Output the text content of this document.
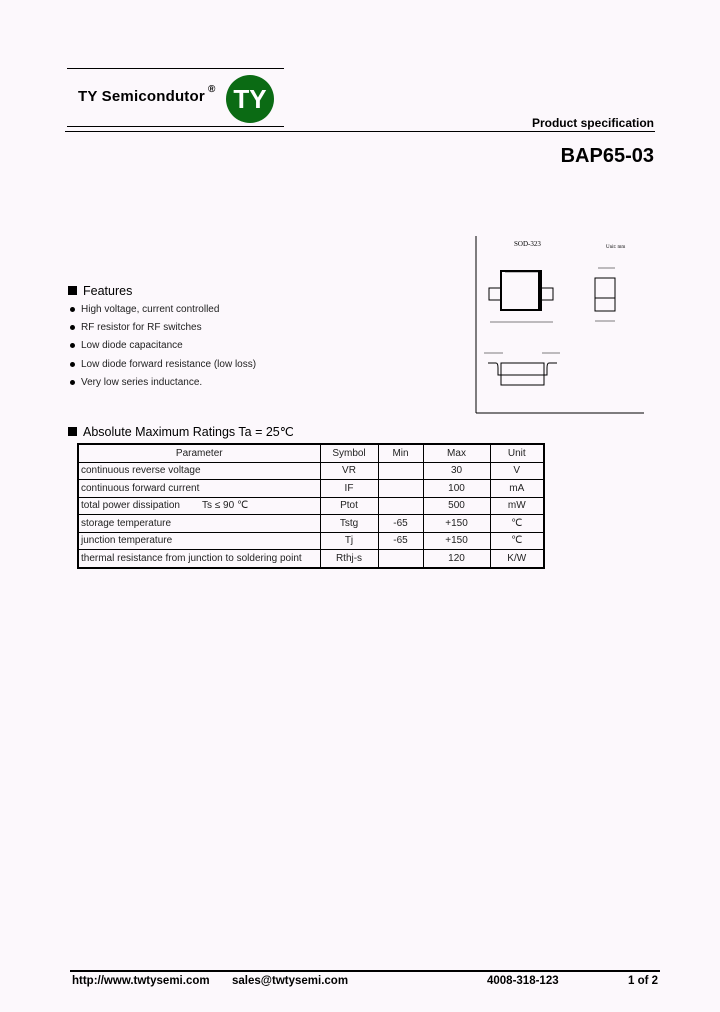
TY Semicondutor ® TY
Product specification
BAP65-03
SOD-323	Unit: mm
Features
High voltage, current controlled
RF resistor for RF switches
Low diode capacitance
Low diode forward resistance (low loss)
Very low series inductance.
Absolute Maximum Ratings Ta = 25℃
Parameter	Symbol	Min	Max	Unit
continuous reverse voltage	VR		30	V
continuous forward current	IF		100	mA
total power dissipation        Ts ≤ 90 ℃	Ptot		500	mW
storage temperature	Tstg	-65	+150	℃
junction temperature	Tj	-65	+150	℃
thermal resistance from junction to soldering point	Rthj-s		120	K/W
http://www.twtysemi.com sales@twtysemi.com	4008-318-123	1 of 2
